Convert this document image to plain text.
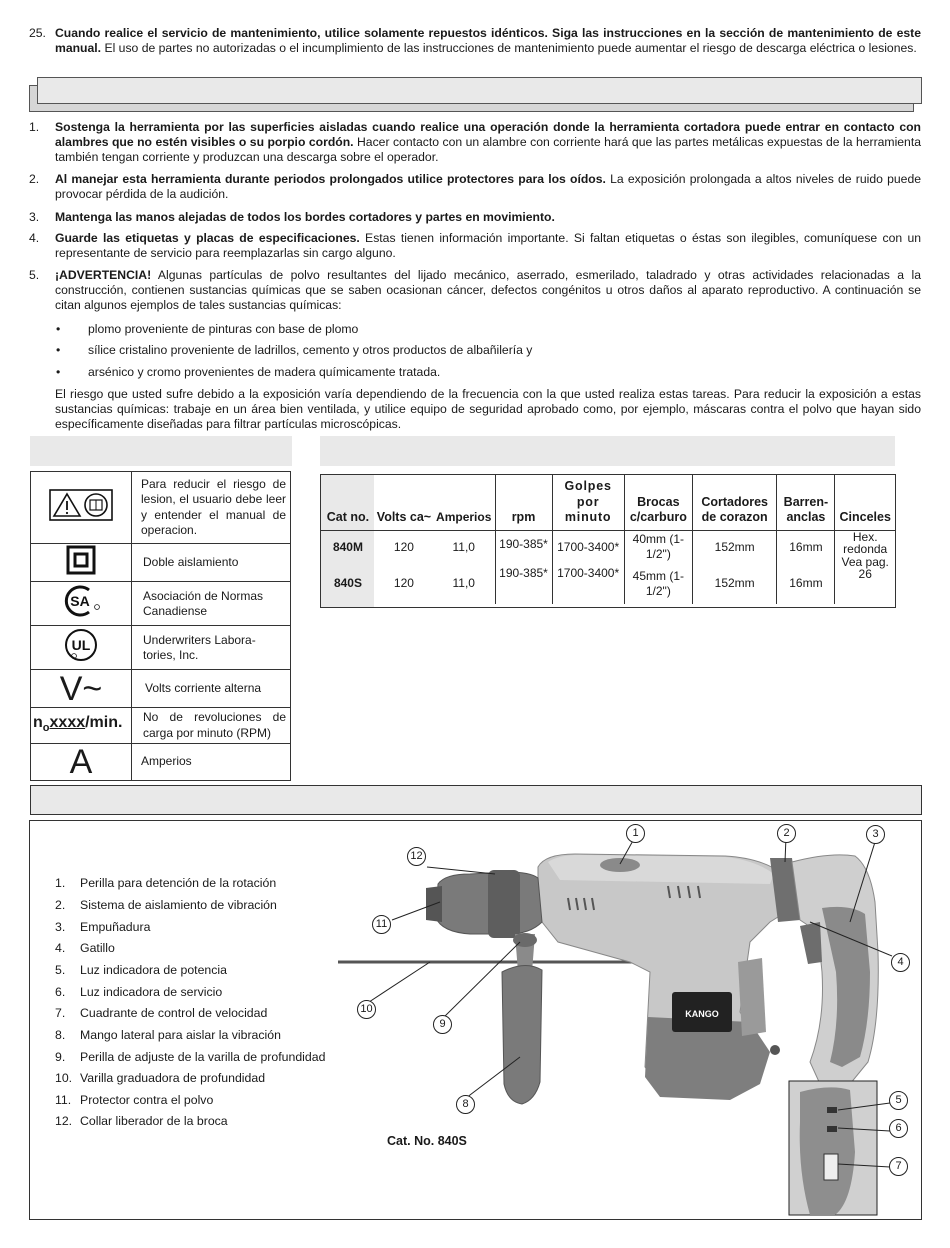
25. Cuando realice el servicio de mantenimiento, utilice solamente repuestos idénticos. Siga las instrucciones en la sección de mantenimiento de este manual. El uso de partes no autorizadas o el incumplimiento de las instrucciones de mantenimiento puede aumentar el riesgo de descarga eléctrica o lesiones.
1.	Sostenga la herramienta por las superficies aisladas cuando realice una operación donde la herramienta cortadora puede entrar en contacto con alambres que no estén visibles o su porpio cordón. Hacer contacto con un alambre con corriente hará que las partes metálicas expuestas de la herramienta también tengan corriente y produzcan una descarga sobre el operador.
2.	Al manejar esta herramienta durante periodos prolongados utilice protectores para los oídos. La exposición prolongada a altos niveles de ruido puede provocar pérdida de la audición.
3.	Mantenga las manos alejadas de todos los bordes cortadores y partes en movimiento.
4.	Guarde las etiquetas y placas de especificaciones. Estas tienen información importante. Si faltan etiquetas o éstas son ilegibles, comuníquese con un representante de servicio para reemplazarlas sin cargo alguno.
5.	¡ADVERTENCIA! Algunas partículas de polvo resultantes del lijado mecánico, aserrado, esmerilado, taladrado y otras actividades relacionadas a la construcción, contienen sustancias químicas que se saben ocasionan cáncer, defectos congénitos u otros daños al aparato reproductivo. A continuación se citan algunos ejemplos de tales sustancias químicas:
• plomo proveniente de pinturas con base de plomo
• sílice cristalino proveniente de ladrillos, cemento y otros productos de albañilería y
• arsénico y cromo provenientes de madera químicamente tratada.
El riesgo que usted sufre debido a la exposición varía dependiendo de la frecuencia con la que usted realiza estas tareas. Para reducir la exposición a estas sustancias químicas: trabaje en un área bien ventilada, y utilice equipo de seguridad aprobado como, por ejemplo, máscaras contra el polvo que hayan sido específicamente diseñadas para filtrar partículas microscópicas.
	Para reducir el riesgo de lesion, el usuario debe leer y entender el manual de operacion.
	Doble aislamiento

SA	Asociación de Normas Canadiense

UL	Underwriters Labora-tories, Inc.
V~	Volts corriente alterna
$n_oxxxx/\min$.	No de revoluciones de carga por minuto (RPM)
A	Amperios
Cat no.	Volts ca~	Amperios	rpm	Golpes por minuto	Brocas c/carburo	Cortadores de corazon	Barren-anclas	Cinceles
840M	120	11,0	190-385*	1700-3400*	40mm (1-1/2")	152mm	16mm	Hex. redonda Vea pag. 26
840S	120	11,0	190-385*	1700-3400*	45mm (1-1/2")	152mm	16mm	
1. Perilla para detención de la rotación
2. Sistema de aislamiento de vibración
3. Empuñadura
4. Gatillo
5. Luz indicadora de potencia
6. Luz indicadora de servicio
7. Cuadrante de control de velocidad
8. Mango lateral para aislar la vibración
9. Perilla de adjuste de la varilla de profundidad
10. Varilla graduadora de profundidad
11. Protector contra el polvo
12. Collar liberador de la broca
KANGO
1	2	3
4
5
6
7
8
9
10
11
12
Cat. No. 840S
